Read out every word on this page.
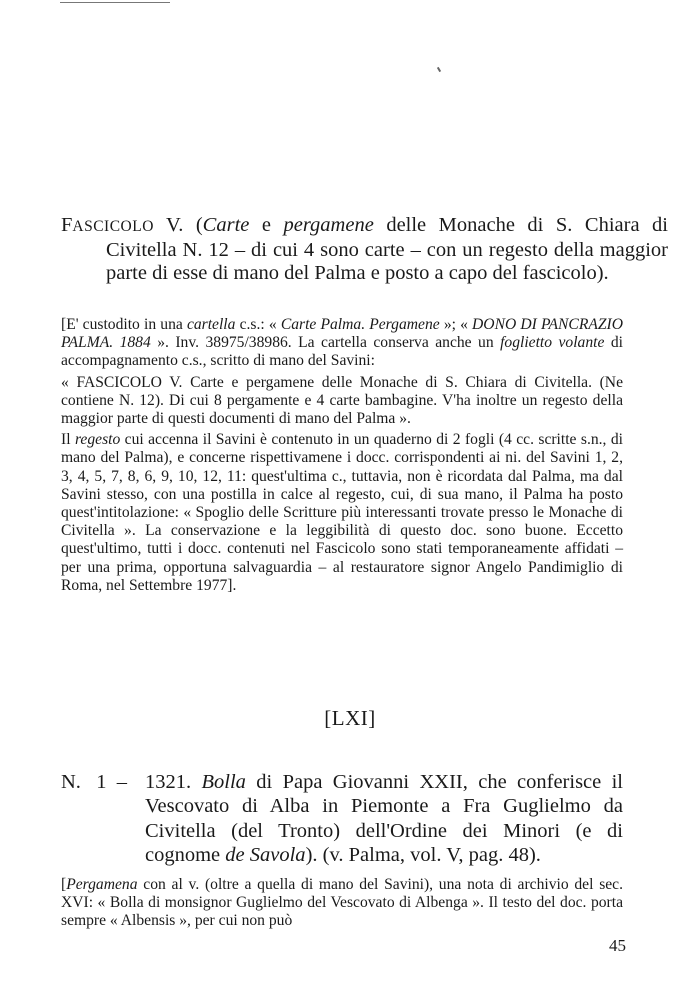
FASCICOLO V. (Carte e pergamene delle Monache di S. Chiara di Civitella N. 12 – di cui 4 sono carte – con un regesto della maggior parte di esse di mano del Palma e posto a capo del fascicolo).

[E' custodito in una cartella c.s.: « Carte Palma. Pergamene »; « DONO DI PANCRAZIO PALMA. 1884 ». Inv. 38975/38986. La cartella conserva anche un foglietto volante di accompagnamento c.s., scritto di mano del Savini:

« FASCICOLO V. Carte e pergamene delle Monache di S. Chiara di Civitella. (Ne contiene N. 12). Di cui 8 pergamente e 4 carte bambagine. V'ha inoltre un regesto della maggior parte di questi documenti di mano del Palma ».

Il regesto cui accenna il Savini è contenuto in un quaderno di 2 fogli (4 cc. scritte s.n., di mano del Palma), e concerne rispettivamene i docc. corrispondenti ai ni. del Savini 1, 2, 3, 4, 5, 7, 8, 6, 9, 10, 12, 11: quest'ultima c., tuttavia, non è ricordata dal Palma, ma dal Savini stesso, con una postilla in calce al regesto, cui, di sua mano, il Palma ha posto quest'intitolazione: « Spoglio delle Scritture più interessanti trovate presso le Monache di Civitella ». La conservazione e la leggibilità di questo doc. sono buone. Eccetto quest'ultimo, tutti i docc. contenuti nel Fascicolo sono stati temporaneamente affidati – per una prima, opportuna salvaguardia – al restauratore signor Angelo Pandimiglio di Roma, nel Settembre 1977].

[LXI]
N.   1  – 1321. Bolla di Papa Giovanni XXII, che conferisce il Vescovato di Alba in Piemonte a Fra Guglielmo da Civitella (del Tronto) dell'Ordine dei Minori (e di cognome de Savola). (v. Palma, vol. V, pag. 48).

[Pergamena con al v. (oltre a quella di mano del Savini), una nota di archivio del sec. XVI: « Bolla di monsignor Guglielmo del Vescovato di Albenga ». Il testo del doc. porta sempre « Albensis », per cui non può

45
